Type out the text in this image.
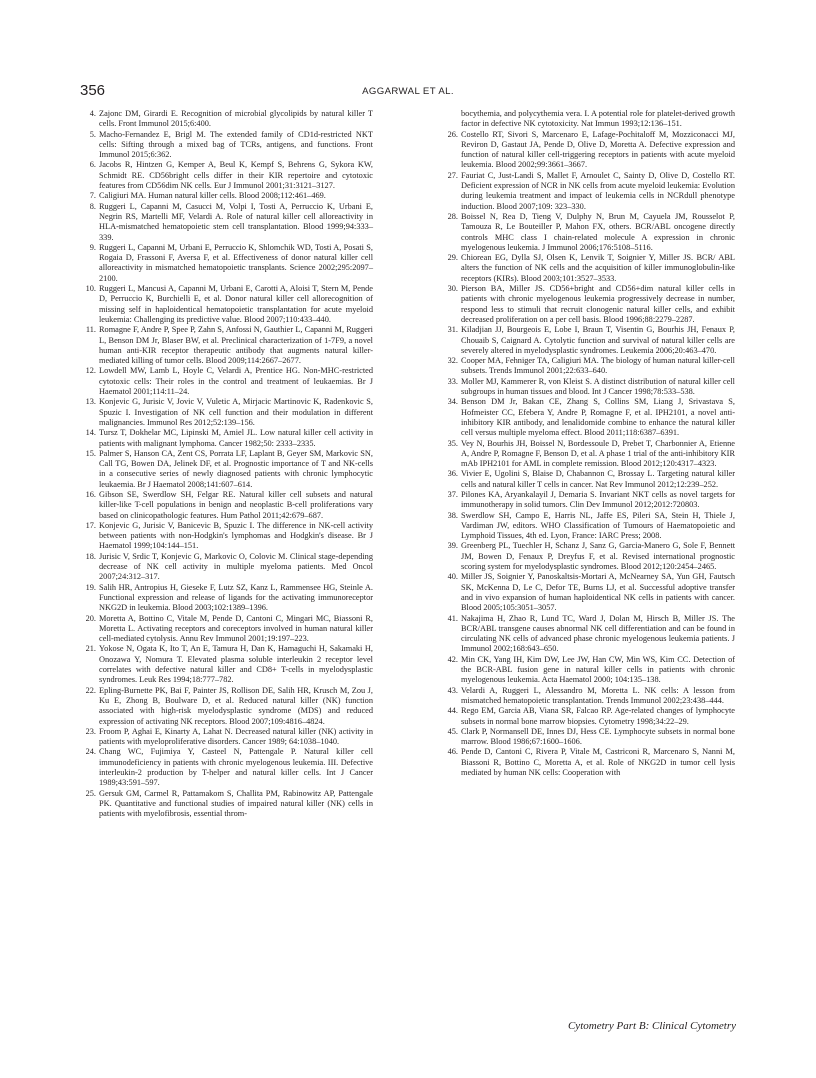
356	AGGARWAL ET AL.

4. Zajonc DM, Girardi E. Recognition of microbial glycolipids by natural killer T cells. Front Immunol 2015;6:400.

5. Macho-Fernandez E, Brigl M. The extended family of CD1d-restricted NKT cells: Sifting through a mixed bag of TCRs, antigens, and functions. Front Immunol 2015;6:362.

6. Jacobs R, Hintzen G, Kemper A, Beul K, Kempf S, Behrens G, Sykora KW, Schmidt RE. CD56bright cells differ in their KIR repertoire and cytotoxic features from CD56dim NK cells. Eur J Immunol 2001;31:3121–3127.

7. Caligiuri MA. Human natural killer cells. Blood 2008;112:461–469.

8. Ruggeri L, Capanni M, Casucci M, Volpi I, Tosti A, Perruccio K, Urbani E, Negrin RS, Martelli MF, Velardi A. Role of natural killer cell alloreactivity in HLA-mismatched hematopoietic stem cell transplantation. Blood 1999;94:333–339.

9. Ruggeri L, Capanni M, Urbani E, Perruccio K, Shlomchik WD, Tosti A, Posati S, Rogaia D, Frassoni F, Aversa F, et al. Effectiveness of donor natural killer cell alloreactivity in mismatched hematopoietic transplants. Science 2002;295:2097–2100.

10. Ruggeri L, Mancusi A, Capanni M, Urbani E, Carotti A, Aloisi T, Stern M, Pende D, Perruccio K, Burchielli E, et al. Donor natural killer cell allorecognition of missing self in haploidentical hematopoietic transplantation for acute myeloid leukemia: Challenging its predictive value. Blood 2007;110:433–440.

11. Romagne F, Andre P, Spee P, Zahn S, Anfossi N, Gauthier L, Capanni M, Ruggeri L, Benson DM Jr, Blaser BW, et al. Preclinical characterization of 1-7F9, a novel human anti-KIR receptor therapeutic antibody that augments natural killer-mediated killing of tumor cells. Blood 2009;114:2667–2677.

12. Lowdell MW, Lamb L, Hoyle C, Velardi A, Prentice HG. Non-MHC-restricted cytotoxic cells: Their roles in the control and treatment of leukaemias. Br J Haematol 2001;114:11–24.

13. Konjevic G, Jurisic V, Jovic V, Vuletic A, Mirjacic Martinovic K, Radenkovic S, Spuzic I. Investigation of NK cell function and their modulation in different malignancies. Immunol Res 2012;52:139–156.

14. Tursz T, Dokhelar MC, Lipinski M, Amiel JL. Low natural killer cell activity in patients with malignant lymphoma. Cancer 1982;50: 2333–2335.

15. Palmer S, Hanson CA, Zent CS, Porrata LF, Laplant B, Geyer SM, Markovic SN, Call TG, Bowen DA, Jelinek DF, et al. Prognostic importance of T and NK-cells in a consecutive series of newly diagnosed patients with chronic lymphocytic leukaemia. Br J Haematol 2008;141:607–614.

16. Gibson SE, Swerdlow SH, Felgar RE. Natural killer cell subsets and natural killer-like T-cell populations in benign and neoplastic B-cell proliferations vary based on clinicopathologic features. Hum Pathol 2011;42:679–687.

17. Konjevic G, Jurisic V, Banicevic B, Spuzic I. The difference in NK-cell activity between patients with non-Hodgkin's lymphomas and Hodgkin's disease. Br J Haematol 1999;104:144–151.

18. Jurisic V, Srdic T, Konjevic G, Markovic O, Colovic M. Clinical stage-depending decrease of NK cell activity in multiple myeloma patients. Med Oncol 2007;24:312–317.

19. Salih HR, Antropius H, Gieseke F, Lutz SZ, Kanz L, Rammensee HG, Steinle A. Functional expression and release of ligands for the activating immunoreceptor NKG2D in leukemia. Blood 2003;102:1389–1396.

20. Moretta A, Bottino C, Vitale M, Pende D, Cantoni C, Mingari MC, Biassoni R, Moretta L. Activating receptors and coreceptors involved in human natural killer cell-mediated cytolysis. Annu Rev Immunol 2001;19:197–223.

21. Yokose N, Ogata K, Ito T, An E, Tamura H, Dan K, Hamaguchi H, Sakamaki H, Onozawa Y, Nomura T. Elevated plasma soluble interleukin 2 receptor level correlates with defective natural killer and CD8+ T-cells in myelodysplastic syndromes. Leuk Res 1994;18:777–782.

22. Epling-Burnette PK, Bai F, Painter JS, Rollison DE, Salih HR, Krusch M, Zou J, Ku E, Zhong B, Boulware D, et al. Reduced natural killer (NK) function associated with high-risk myelodysplastic syndrome (MDS) and reduced expression of activating NK receptors. Blood 2007;109:4816–4824.

23. Froom P, Aghai E, Kinarty A, Lahat N. Decreased natural killer (NK) activity in patients with myeloproliferative disorders. Cancer 1989; 64:1038–1040.

24. Chang WC, Fujimiya Y, Casteel N, Pattengale P. Natural killer cell immunodeficiency in patients with chronic myelogenous leukemia. III. Defective interleukin-2 production by T-helper and natural killer cells. Int J Cancer 1989;43:591–597.

25. Gersuk GM, Carmel R, Pattamakom S, Challita PM, Rabinowitz AP, Pattengale PK. Quantitative and functional studies of impaired natural killer (NK) cells in patients with myelofibrosis, essential throm-

bocythemia, and polycythemia vera. I. A potential role for platelet-derived growth factor in defective NK cytotoxicity. Nat Immun 1993;12:136–151.

26. Costello RT, Sivori S, Marcenaro E, Lafage-Pochitaloff M, Mozziconacci MJ, Reviron D, Gastaut JA, Pende D, Olive D, Moretta A. Defective expression and function of natural killer cell-triggering receptors in patients with acute myeloid leukemia. Blood 2002;99:3661–3667.

27. Fauriat C, Just-Landi S, Mallet F, Arnoulet C, Sainty D, Olive D, Costello RT. Deficient expression of NCR in NK cells from acute myeloid leukemia: Evolution during leukemia treatment and impact of leukemia cells in NCRdull phenotype induction. Blood 2007;109: 323–330.

28. Boissel N, Rea D, Tieng V, Dulphy N, Brun M, Cayuela JM, Rousselot P, Tamouza R, Le Bouteiller P, Mahon FX, others. BCR/ABL oncogene directly controls MHC class I chain-related molecule A expression in chronic myelogenous leukemia. J Immunol 2006;176:5108–5116.

29. Chiorean EG, Dylla SJ, Olsen K, Lenvik T, Soignier Y, Miller JS. BCR/ ABL alters the function of NK cells and the acquisition of killer immunoglobulin-like receptors (KIRs). Blood 2003;101:3527–3533.

30. Pierson BA, Miller JS. CD56+bright and CD56+dim natural killer cells in patients with chronic myelogenous leukemia progressively decrease in number, respond less to stimuli that recruit clonogenic natural killer cells, and exhibit decreased proliferation on a per cell basis. Blood 1996;88:2279–2287.

31. Kiladjian JJ, Bourgeois E, Lobe I, Braun T, Visentin G, Bourhis JH, Fenaux P, Chouaib S, Caignard A. Cytolytic function and survival of natural killer cells are severely altered in myelodysplastic syndromes. Leukemia 2006;20:463–470.

32. Cooper MA, Fehniger TA, Caligiuri MA. The biology of human natural killer-cell subsets. Trends Immunol 2001;22:633–640.

33. Moller MJ, Kammerer R, von Kleist S. A distinct distribution of natural killer cell subgroups in human tissues and blood. Int J Cancer 1998;78:533–538.

34. Benson DM Jr, Bakan CE, Zhang S, Collins SM, Liang J, Srivastava S, Hofmeister CC, Efebera Y, Andre P, Romagne F, et al. IPH2101, a novel anti-inhibitory KIR antibody, and lenalidomide combine to enhance the natural killer cell versus multiple myeloma effect. Blood 2011;118:6387–6391.

35. Vey N, Bourhis JH, Boissel N, Bordessoule D, Prebet T, Charbonnier A, Etienne A, Andre P, Romagne F, Benson D, et al. A phase 1 trial of the anti-inhibitory KIR mAb IPH2101 for AML in complete remission. Blood 2012;120:4317–4323.

36. Vivier E, Ugolini S, Blaise D, Chabannon C, Brossay L. Targeting natural killer cells and natural killer T cells in cancer. Nat Rev Immunol 2012;12:239–252.

37. Pilones KA, Aryankalayil J, Demaria S. Invariant NKT cells as novel targets for immunotherapy in solid tumors. Clin Dev Immunol 2012;2012:720803.

38. Swerdlow SH, Campo E, Harris NL, Jaffe ES, Pileri SA, Stein H, Thiele J, Vardiman JW, editors. WHO Classification of Tumours of Haematopoietic and Lymphoid Tissues, 4th ed. Lyon, France: IARC Press; 2008.

39. Greenberg PL, Tuechler H, Schanz J, Sanz G, Garcia-Manero G, Sole F, Bennett JM, Bowen D, Fenaux P, Dreyfus F, et al. Revised international prognostic scoring system for myelodysplastic syndromes. Blood 2012;120:2454–2465.

40. Miller JS, Soignier Y, Panoskaltsis-Mortari A, McNearney SA, Yun GH, Fautsch SK, McKenna D, Le C, Defor TE, Burns LJ, et al. Successful adoptive transfer and in vivo expansion of human haploidentical NK cells in patients with cancer. Blood 2005;105:3051–3057.

41. Nakajima H, Zhao R, Lund TC, Ward J, Dolan M, Hirsch B, Miller JS. The BCR/ABL transgene causes abnormal NK cell differentiation and can be found in circulating NK cells of advanced phase chronic myelogenous leukemia patients. J Immunol 2002;168:643–650.

42. Min CK, Yang IH, Kim DW, Lee JW, Han CW, Min WS, Kim CC. Detection of the BCR-ABL fusion gene in natural killer cells in patients with chronic myelogenous leukemia. Acta Haematol 2000; 104:135–138.

43. Velardi A, Ruggeri L, Alessandro M, Moretta L. NK cells: A lesson from mismatched hematopoietic transplantation. Trends Immunol 2002;23:438–444.

44. Rego EM, Garcia AB, Viana SR, Falcao RP. Age-related changes of lymphocyte subsets in normal bone marrow biopsies. Cytometry 1998;34:22–29.

45. Clark P, Normansell DE, Innes DJ, Hess CE. Lymphocyte subsets in normal bone marrow. Blood 1986;67:1600–1606.

46. Pende D, Cantoni C, Rivera P, Vitale M, Castriconi R, Marcenaro S, Nanni M, Biassoni R, Bottino C, Moretta A, et al. Role of NKG2D in tumor cell lysis mediated by human NK cells: Cooperation with

Cytometry Part B: Clinical Cytometry
